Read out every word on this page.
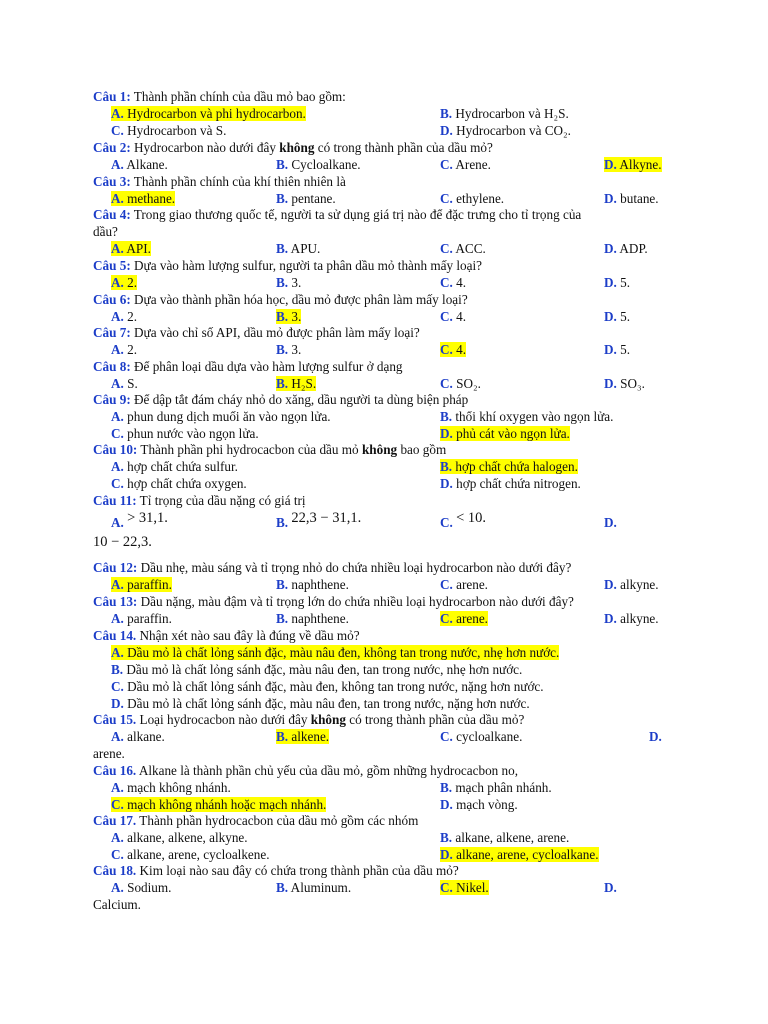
Câu 1: Thành phần chính của dầu mỏ bao gồm:
A. Hydrocarbon và phi hydrocarbon.	B. Hydrocarbon và H₂S.
C. Hydrocarbon và S.	D. Hydrocarbon và CO₂.
Câu 2: Hydrocarbon nào dưới đây không có trong thành phần của dầu mỏ?
A. Alkane.	B. Cycloalkane.	C. Arene.	D. Alkyne.
Câu 3: Thành phần chính của khí thiên nhiên là
A. methane.	B. pentane.	C. ethylene.	D. butane.
Câu 4: Trong giao thương quốc tế, người ta sử dụng giá trị nào để đặc trưng cho tỉ trọng của
dầu?
A. API.	B. APU.	C. ACC.	D. ADP.
Câu 5: Dựa vào hàm lượng sulfur, người ta phân dầu mỏ thành mấy loại?
A. 2.	B. 3.	C. 4.	D. 5.
Câu 6: Dựa vào thành phần hóa học, dầu mỏ được phân làm mấy loại?
A. 2.	B. 3.	C. 4.	D. 5.
Câu 7: Dựa vào chỉ số API, dầu mỏ được phân làm mấy loại?
A. 2.	B. 3.	C. 4.	D. 5.
Câu 8: Để phân loại dầu dựa vào hàm lượng sulfur ở dạng
A. S.	B. H₂S.	C. SO₂.	D. SO₃.
Câu 9: Để dập tắt đám cháy nhỏ do xăng, dầu người ta dùng biện pháp
A. phun dung dịch muối ăn vào ngọn lửa.	B. thổi khí oxygen vào ngọn lửa.
C. phun nước vào ngọn lửa.	D. phủ cát vào ngọn lửa.
Câu 10: Thành phần phi hydrocacbon của dầu mỏ không bao gồm
A. hợp chất chứa sulfur.	B. hợp chất chứa halogen.
C. hợp chất chứa oxygen.	D. hợp chất chứa nitrogen.
Câu 11: Tỉ trọng của dầu nặng có giá trị
A. > 31,1.	B. 22,3 − 31,1.	C. < 10.	D.
10 − 22,3.
Câu 12: Dầu nhẹ, màu sáng và tỉ trọng nhỏ do chứa nhiều loại hydrocarbon nào dưới đây?
A. paraffin.	B. naphthene.	C. arene.	D. alkyne.
Câu 13: Dầu nặng, màu đậm và tỉ trọng lớn do chứa nhiều loại hydrocarbon nào dưới đây?
A. paraffin.	B. naphthene.	C. arene.	D. alkyne.
Câu 14. Nhận xét nào sau đây là đúng về dầu mỏ?
A. Dầu mỏ là chất lỏng sánh đặc, màu nâu đen, không tan trong nước, nhẹ hơn nước.
B. Dầu mỏ là chất lỏng sánh đặc, màu nâu đen, tan trong nước, nhẹ hơn nước.
C. Dầu mỏ là chất lỏng sánh đặc, màu đen, không tan trong nước, nặng hơn nước.
D. Dầu mỏ là chất lỏng sánh đặc, màu nâu đen, tan trong nước, nặng hơn nước.
Câu 15. Loại hydrocacbon nào dưới đây không có trong thành phần của dầu mỏ?
A. alkane.	B. alkene.	C. cycloalkane.	D.
arene.
Câu 16. Alkane là thành phần chủ yếu của dầu mỏ, gồm những hydrocacbon no,
A. mạch không nhánh.	B. mạch phân nhánh.
C. mạch không nhánh hoặc mạch nhánh.	D. mạch vòng.
Câu 17. Thành phần hydrocacbon của dầu mỏ gồm các nhóm
A. alkane, alkene, alkyne.	B. alkane, alkene, arene.
C. alkane, arene, cycloalkene.	D. alkane, arene, cycloalkane.
Câu 18. Kim loại nào sau đây có chứa trong thành phần của dầu mỏ?
A. Sodium.	B. Aluminum.	C. Nikel.	D.
Calcium.
